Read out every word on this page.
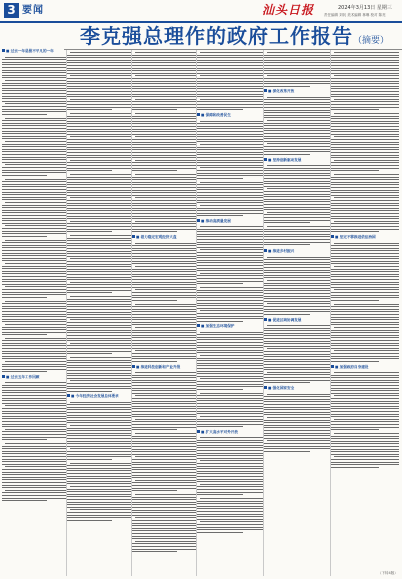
3 要闻	汕头日报	2024年3月13日 星期三
责任编辑 刘钊 美术编辑 林琳 校对 陈亮
李克强总理作的政府工作报告（摘要）
■ 过去一年是极不平凡的一年
■ 过去五年工作回顾
■ 今年经济社会发展总体要求
■ 着力稳定宏观经济大盘
■ 推进科技创新和产业升级
■ 保障和改善民生
■ 推动高质量发展
■ 加强生态环境保护
■ 扩大高水平对外开放
■ 深化改革开放
■ 坚持创新驱动发展
■ 推进乡村振兴
■ 促进区域协调发展
■ 强化国家安全
■ 坚定不移推进依法治国
■ 加强政府自身建设
（下转4版）
